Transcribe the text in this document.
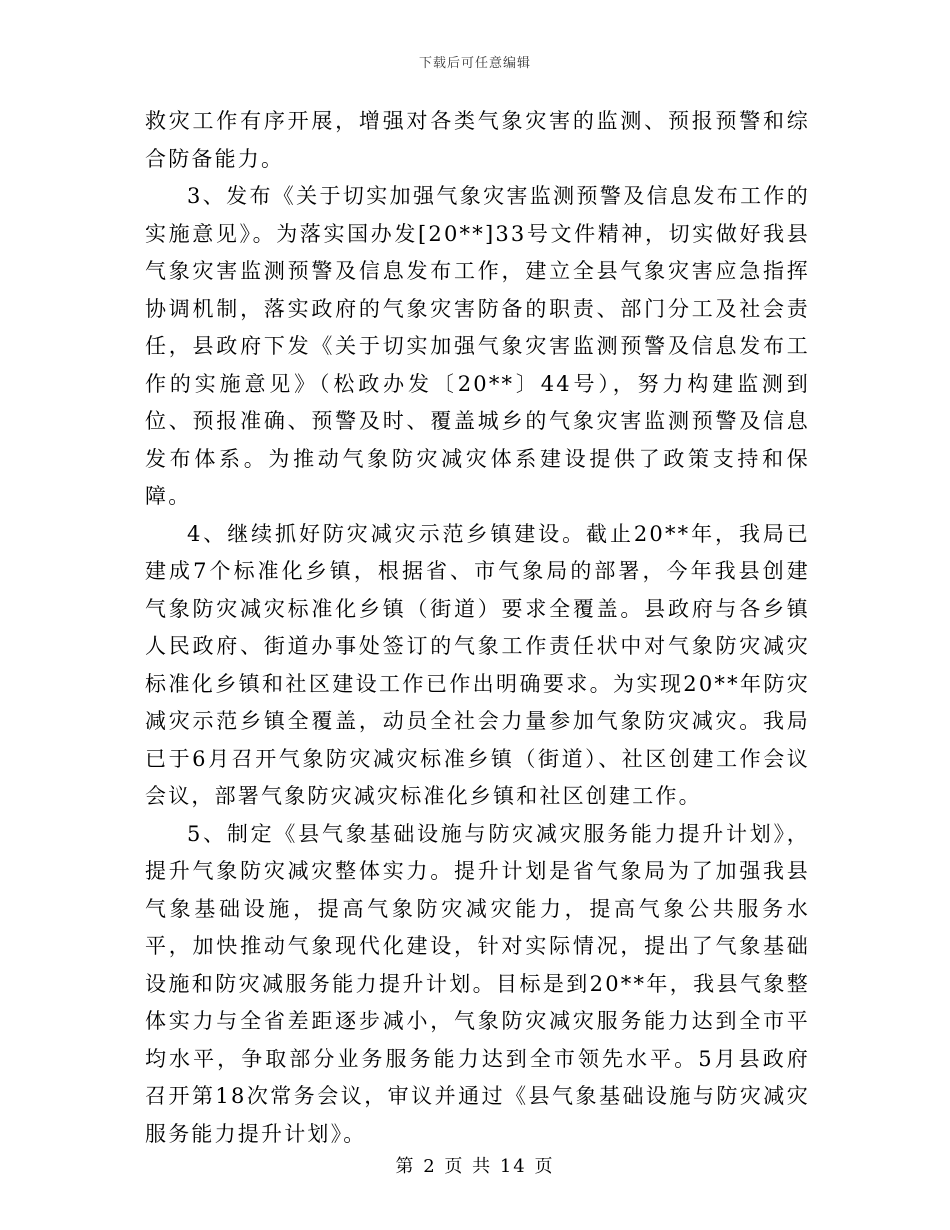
下载后可任意编辑

救灾工作有序开展，增强对各类气象灾害的监测、预报预警和综合防备能力。

3、发布《关于切实加强气象灾害监测预警及信息发布工作的实施意见》。为落实国办发[20**]33号文件精神，切实做好我县气象灾害监测预警及信息发布工作，建立全县气象灾害应急指挥协调机制，落实政府的气象灾害防备的职责、部门分工及社会责任，县政府下发《关于切实加强气象灾害监测预警及信息发布工作的实施意见》（松政办发〔20**〕44号），努力构建监测到位、预报准确、预警及时、覆盖城乡的气象灾害监测预警及信息发布体系。为推动气象防灾减灾体系建设提供了政策支持和保障。

4、继续抓好防灾减灾示范乡镇建设。截止20**年，我局已建成7个标准化乡镇，根据省、市气象局的部署，今年我县创建气象防灾减灾标准化乡镇（街道）要求全覆盖。县政府与各乡镇人民政府、街道办事处签订的气象工作责任状中对气象防灾减灾标准化乡镇和社区建设工作已作出明确要求。为实现20**年防灾减灾示范乡镇全覆盖，动员全社会力量参加气象防灾减灾。我局已于6月召开气象防灾减灾标准乡镇（街道）、社区创建工作会议会议，部署气象防灾减灾标准化乡镇和社区创建工作。

5、制定《县气象基础设施与防灾减灾服务能力提升计划》，提升气象防灾减灾整体实力。提升计划是省气象局为了加强我县气象基础设施，提高气象防灾减灾能力，提高气象公共服务水平，加快推动气象现代化建设，针对实际情况，提出了气象基础设施和防灾减服务能力提升计划。目标是到20**年，我县气象整体实力与全省差距逐步减小，气象防灾减灾服务能力达到全市平均水平，争取部分业务服务能力达到全市领先水平。5月县政府召开第18次常务会议，审议并通过《县气象基础设施与防灾减灾服务能力提升计划》。

第 2 页 共 14 页
